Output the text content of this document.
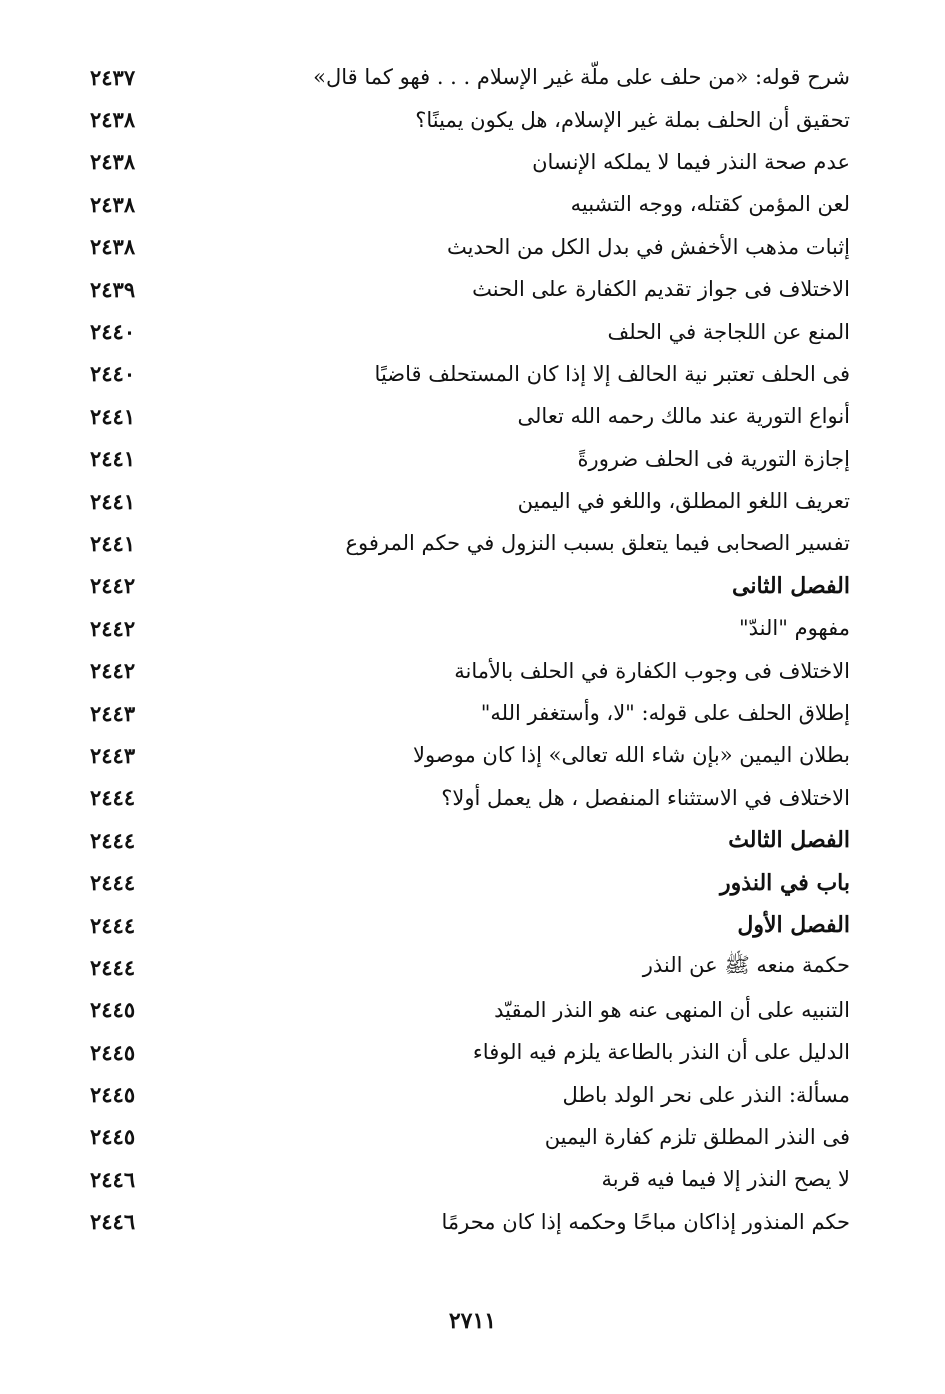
شرح قوله: «من حلف على ملّة غير الإسلام . . . فهو كما قال»
٢٤٣٧
تحقيق أن الحلف بملة غير الإسلام، هل يكون يمينًا؟
٢٤٣٨
عدم صحة النذر فيما لا يملكه الإنسان
٢٤٣٨
لعن المؤمن كقتله، ووجه التشبيه
٢٤٣٨
إثبات مذهب الأخفش في بدل الكل من الحديث
٢٤٣٨
الاختلاف فى جواز تقديم الكفارة على الحنث
٢٤٣٩
المنع عن اللجاجة في الحلف
٢٤٤٠
فى الحلف تعتبر نية الحالف إلا إذا كان المستحلف قاضيًا
٢٤٤٠
أنواع التورية عند مالك رحمه الله تعالى
٢٤٤١
إجازة التورية فى الحلف ضرورةً
٢٤٤١
تعريف اللغو المطلق، واللغو في اليمين
٢٤٤١
تفسير الصحابى فيما يتعلق بسبب النزول في حكم المرفوع
٢٤٤١
الفصل الثانى
٢٤٤٢
مفهوم "الندّ"
٢٤٤٢
الاختلاف فى وجوب الكفارة في الحلف بالأمانة
٢٤٤٢
إطلاق الحلف على قوله: "لا، وأستغفر الله"
٢٤٤٣
بطلان اليمين «بإن شاء الله تعالى» إذا كان موصولا
٢٤٤٣
الاختلاف في الاستثناء المنفصل ، هل يعمل أولا؟
٢٤٤٤
الفصل الثالث
٢٤٤٤
باب في النذور
٢٤٤٤
الفصل الأول
٢٤٤٤
حكمة منعه ﷺ عن النذر
٢٤٤٤
التنبيه على أن المنهى عنه هو النذر المقيّد
٢٤٤٥
الدليل على أن النذر بالطاعة يلزم فيه الوفاء
٢٤٤٥
مسألة: النذر على نحر الولد باطل
٢٤٤٥
فى النذر المطلق تلزم كفارة اليمين
٢٤٤٥
لا يصح النذر إلا فيما فيه قربة
٢٤٤٦
حكم المنذور إذاكان مباحًا وحكمه إذا كان محرمًا
٢٤٤٦
٢٧١١
